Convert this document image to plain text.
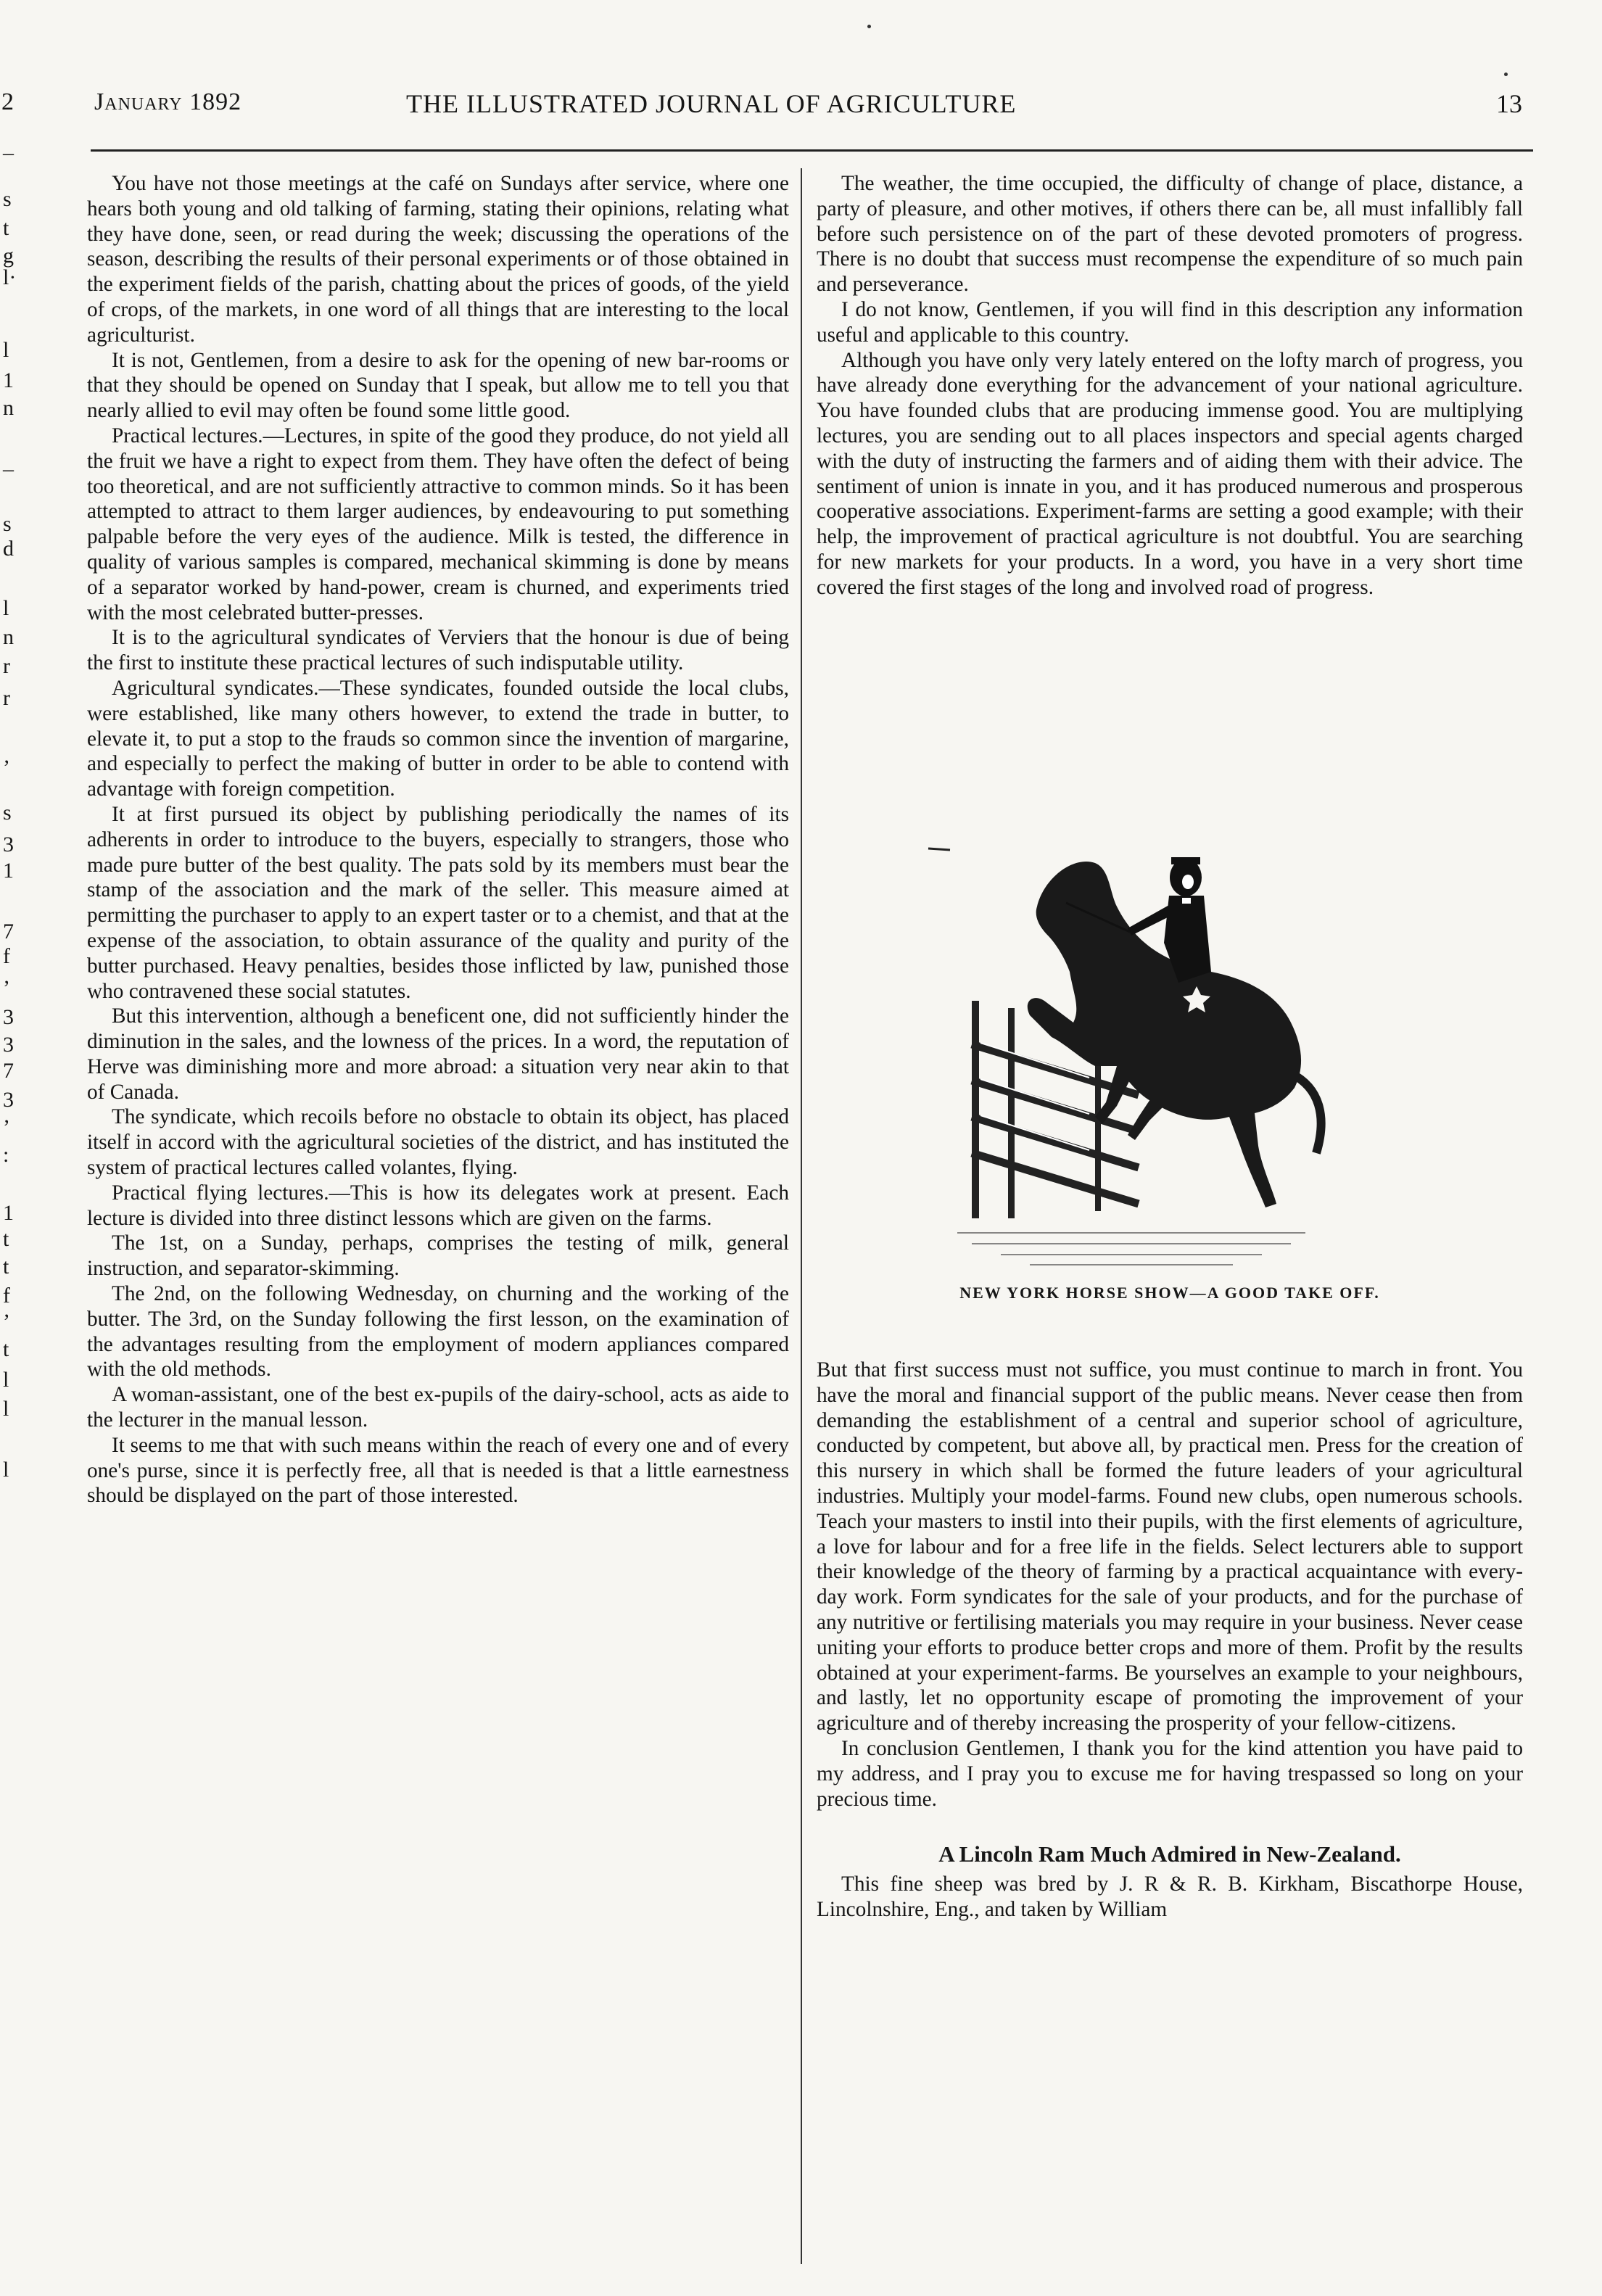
2	January 1892	THE ILLUSTRATED JOURNAL OF AGRICULTURE	13
–
s
t
g
l·
l
1
n
–
s
d
l
n
r
r
’
s
3
1
7
f
’
3
3
7
3
’
:
1
t
t
f
’
t
l
l
l

You have not those meetings at the café on Sundays after service, where one hears both young and old talking of farming, stating their opinions, relating what they have done, seen, or read during the week; discussing the operations of the season, describing the results of their personal experiments or of those obtained in the experiment fields of the parish, chatting about the prices of goods, of the yield of crops, of the markets, in one word of all things that are interesting to the local agriculturist.

It is not, Gentlemen, from a desire to ask for the opening of new bar-rooms or that they should be opened on Sunday that I speak, but allow me to tell you that nearly allied to evil may often be found some little good.

Practical lectures.—Lectures, in spite of the good they produce, do not yield all the fruit we have a right to expect from them. They have often the defect of being too theoretical, and are not sufficiently attractive to common minds. So it has been attempted to attract to them larger audiences, by endeavouring to put something palpable before the very eyes of the audience. Milk is tested, the difference in quality of various samples is compared, mechanical skimming is done by means of a separator worked by hand-power, cream is churned, and experiments tried with the most celebrated butter-presses.

It is to the agricultural syndicates of Verviers that the honour is due of being the first to institute these practical lectures of such indisputable utility.

Agricultural syndicates.—These syndicates, founded outside the local clubs, were established, like many others however, to extend the trade in butter, to elevate it, to put a stop to the frauds so common since the invention of margarine, and especially to perfect the making of butter in order to be able to contend with advantage with foreign competition.

It at first pursued its object by publishing periodically the names of its adherents in order to introduce to the buyers, especially to strangers, those who made pure butter of the best quality. The pats sold by its members must bear the stamp of the association and the mark of the seller. This measure aimed at permitting the purchaser to apply to an expert taster or to a chemist, and that at the expense of the association, to obtain assurance of the quality and purity of the butter purchased. Heavy penalties, besides those inflicted by law, punished those who contravened these social statutes.

But this intervention, although a beneficent one, did not sufficiently hinder the diminution in the sales, and the lowness of the prices. In a word, the reputation of Herve was diminishing more and more abroad: a situation very near akin to that of Canada.

The syndicate, which recoils before no obstacle to obtain its object, has placed itself in accord with the agricultural societies of the district, and has instituted the system of practical lectures called volantes, flying.

Practical flying lectures.—This is how its delegates work at present. Each lecture is divided into three distinct lessons which are given on the farms.

The 1st, on a Sunday, perhaps, comprises the testing of milk, general instruction, and separator-skimming.

The 2nd, on the following Wednesday, on churning and the working of the butter. The 3rd, on the Sunday following the first lesson, on the examination of the advantages resulting from the employment of modern appliances compared with the old methods.

A woman-assistant, one of the best ex-pupils of the dairy-school, acts as aide to the lecturer in the manual lesson.

It seems to me that with such means within the reach of every one and of every one's purse, since it is perfectly free, all that is needed is that a little earnestness should be displayed on the part of those interested.

The weather, the time occupied, the difficulty of change of place, distance, a party of pleasure, and other motives, if others there can be, all must infallibly fall before such persistence on of the part of these devoted promoters of progress. There is no doubt that success must recompense the expenditure of so much pain and perseverance.

I do not know, Gentlemen, if you will find in this description any information useful and applicable to this country.

Although you have only very lately entered on the lofty march of progress, you have already done everything for the advancement of your national agriculture. You have founded clubs that are producing immense good. You are multiplying lectures, you are sending out to all places inspectors and special agents charged with the duty of instructing the farmers and of aiding them with their advice. The sentiment of union is innate in you, and it has produced numerous and prosperous cooperative associations. Experiment-farms are setting a good example; with their help, the improvement of practical agriculture is not doubtful. You are searching for new markets for your products. In a word, you have in a very short time covered the first stages of the long and involved road of progress.

NEW YORK HORSE SHOW—A GOOD TAKE OFF.

But that first success must not suffice, you must continue to march in front. You have the moral and financial support of the public means. Never cease then from demanding the establishment of a central and superior school of agriculture, conducted by competent, but above all, by practical men. Press for the creation of this nursery in which shall be formed the future leaders of your agricultural industries. Multiply your model-farms. Found new clubs, open numerous schools. Teach your masters to instil into their pupils, with the first elements of agriculture, a love for labour and for a free life in the fields. Select lecturers able to support their knowledge of the theory of farming by a practical acquaintance with every-day work. Form syndicates for the sale of your products, and for the purchase of any nutritive or fertilising materials you may require in your business. Never cease uniting your efforts to produce better crops and more of them. Profit by the results obtained at your experiment-farms. Be yourselves an example to your neighbours, and lastly, let no opportunity escape of promoting the improvement of your agriculture and of thereby increasing the prosperity of your fellow-citizens.

In conclusion Gentlemen, I thank you for the kind attention you have paid to my address, and I pray you to excuse me for having trespassed so long on your precious time.

A Lincoln Ram Much Admired in New-Zealand.

This fine sheep was bred by J. R & R. B. Kirkham, Biscathorpe House, Lincolnshire, Eng., and taken by William
